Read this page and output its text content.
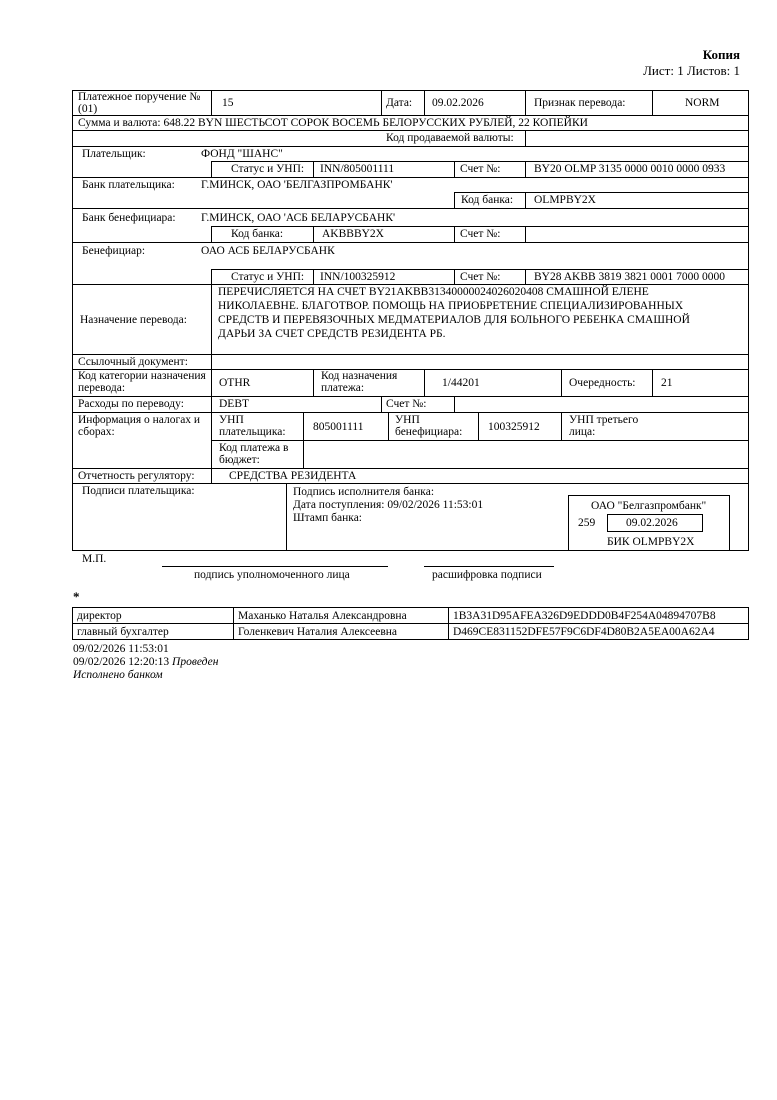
Копия
Лист: 1 Листов: 1
Платежное поручение № (01)	15	Дата: 09.02.2026	Признак перевода:	NORM
Сумма и валюта: 648.22 BYN ШЕСТЬСОТ СОРОК ВОСЕМЬ БЕЛОРУССКИХ РУБЛЕЙ, 22 КОПЕЙКИ
Код продаваемой валюты:
Плательщик:	ФОНД "ШАНС"
Статус и УНП: INN/805001111	Счет №:	BY20 OLMP 3135 0000 0010 0000 0933
Банк плательщика: Г.МИНСК, ОАО 'БЕЛГАЗПРОМБАНК'
Код банка: OLMPBY2X
Банк бенефициара: Г.МИНСК, ОАО 'АСБ БЕЛАРУСБАНК'
Код банка:	AKBBBY2X	Счет №:
Бенефициар:	ОАО АСБ БЕЛАРУСБАНК
Статус и УНП: INN/100325912	Счет №:	BY28 AKBB 3819 3821 0001 7000 0000
Назначение перевода:
ПЕРЕЧИСЛЯЕТСЯ НА СЧЕТ BY21AKBB31340000024026020408 СМАШНОЙ ЕЛЕНЕ
НИКОЛАЕВНЕ. БЛАГОТВОР. ПОМОЩЬ НА ПРИОБРЕТЕНИЕ СПЕЦИАЛИЗИРОВАННЫХ
СРЕДСТВ И ПЕРЕВЯЗОЧНЫХ МЕДМАТЕРИАЛОВ ДЛЯ БОЛЬНОГО РЕБЕНКА СМАШНОЙ
ДАРЬИ ЗА СЧЕТ СРЕДСТВ РЕЗИДЕНТА РБ.
Ссылочный документ:
Код категории назначения перевода:	OTHR
Код назначения платежа:	1/44201	Очередность: 21
Расходы по переводу:	DEBT	Счет №:
Информация о налогах и сборах:
УНП плательщика:	805001111
УНП бенефициара:	100325912
УНП третьего лица:
Код платежа в бюджет:
Отчетность регулятору:	СРЕДСТВА РЕЗИДЕНТА
Подписи плательщика:	Подпись исполнителя банка:
Дата поступления: 09/02/2026 11:53:01
Штамп банка:
ОАО "Белгазпромбанк"
259	09.02.2026
БИК OLMPBY2X
М.П.
подпись уполномоченного лица	расшифровка подписи
*
директор	Маханько Наталья Александровна	1B3A31D95AFEA326D9EDDD0B4F254A04894707B8
главный бухгалтер	Голенкевич Наталия Алексеевна	D469CE831152DFE57F9C6DF4D80B2A5EA00A62A4
09/02/2026 11:53:01
09/02/2026 12:20:13 Проведен
Исполнено банком
